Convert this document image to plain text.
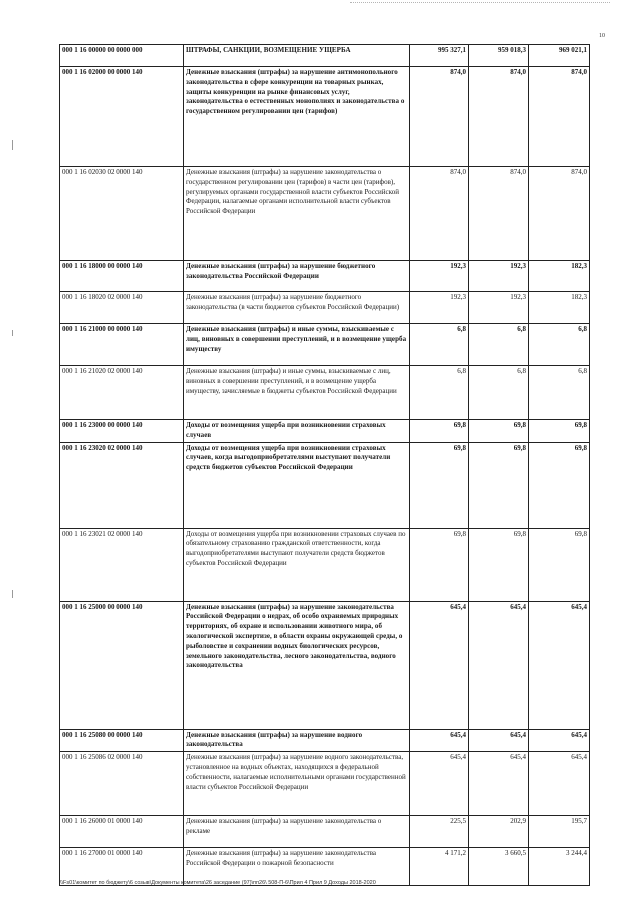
10
000 1 16 00000 00 0000 000	ШТРАФЫ, САНКЦИИ, ВОЗМЕЩЕНИЕ УЩЕРБА	995 327,1	959 018,3	969 021,1
000 1 16 02000 00 0000 140	Денежные взыскания (штрафы) за нарушение антимонопольного законодательства в сфере конкуренции на товарных рынках, защиты конкуренции на рынке финансовых услуг, законодательства о естественных монополиях и законодательства о государственном регулировании цен (тарифов)	874,0	874,0	874,0
000 1 16 02030 02 0000 140	Денежные взыскания (штрафы) за нарушение законодательства о государственном регулировании цен (тарифов) в части цен (тарифов), регулируемых органами государственной власти субъектов Российской Федерации, налагаемые органами исполнительной власти субъектов Российской Федерации	874,0	874,0	874,0
000 1 16 18000 00 0000 140	Денежные взыскания (штрафы) за нарушение бюджетного законодательства Российской Федерации	192,3	192,3	182,3
000 1 16 18020 02 0000 140	Денежные взыскания (штрафы) за нарушение бюджетного законодательства (в части бюджетов субъектов Российской Федерации)	192,3	192,3	182,3
000 1 16 21000 00 0000 140	Денежные взыскания (штрафы) и иные суммы, взыскиваемые с лиц, виновных в совершении преступлений, и в возмещение ущерба имуществу	6,8	6,8	6,8
000 1 16 21020 02 0000 140	Денежные взыскания (штрафы) и иные суммы, взыскиваемые с лиц, виновных в совершении преступлений, и в возмещение ущерба имуществу, зачисляемые в бюджеты субъектов Российской Федерации	6,8	6,8	6,8
000 1 16 23000 00 0000 140	Доходы от возмещения ущерба при возникновении страховых случаев	69,8	69,8	69,8
000 1 16 23020 02 0000 140	Доходы от возмещения ущерба при возникновении страховых случаев, когда выгодоприобретателями выступают получатели средств бюджетов субъектов Российской Федерации	69,8	69,8	69,8
000 1 16 23021 02 0000 140	Доходы от возмещения ущерба при возникновении страховых случаев по обязательному страхованию гражданской ответственности, когда выгодоприобретателями выступают получатели средств бюджетов субъектов Российской Федерации	69,8	69,8	69,8
000 1 16 25000 00 0000 140	Денежные взыскания (штрафы) за нарушение законодательства Российской Федерации о недрах, об особо охраняемых природных территориях, об охране и использовании животного мира, об экологической экспертизе, в области охраны окружающей среды, о рыболовстве и сохранении водных биологических ресурсов, земельного законодательства, лесного законодательства, водного законодательства	645,4	645,4	645,4
000 1 16 25080 00 0000 140	Денежные взыскания (штрафы) за нарушение водного законодательства	645,4	645,4	645,4
000 1 16 25086 02 0000 140	Денежные взыскания (штрафы) за нарушение водного законодательства, установленное на водных объектах, находящихся в федеральной собственности, налагаемые исполнительными органами государственной власти субъектов Российской Федерации	645,4	645,4	645,4
000 1 16 26000 01 0000 140	Денежные взыскания (штрафы) за нарушение законодательства о рекламе	225,5	202,9	195,7
000 1 16 27000 01 0000 140	Денежные взыскания (штрафы) за нарушение законодательства Российской Федерации о пожарной безопасности	4 171,2	3 660,5	3 244,4
\\Fs01\комитет по бюджету\6 созыв\Документы комитета\26 заседание (97)\пп26\ 508-П-6\Прил 4 Прил 9 Доходы 2018-2020
